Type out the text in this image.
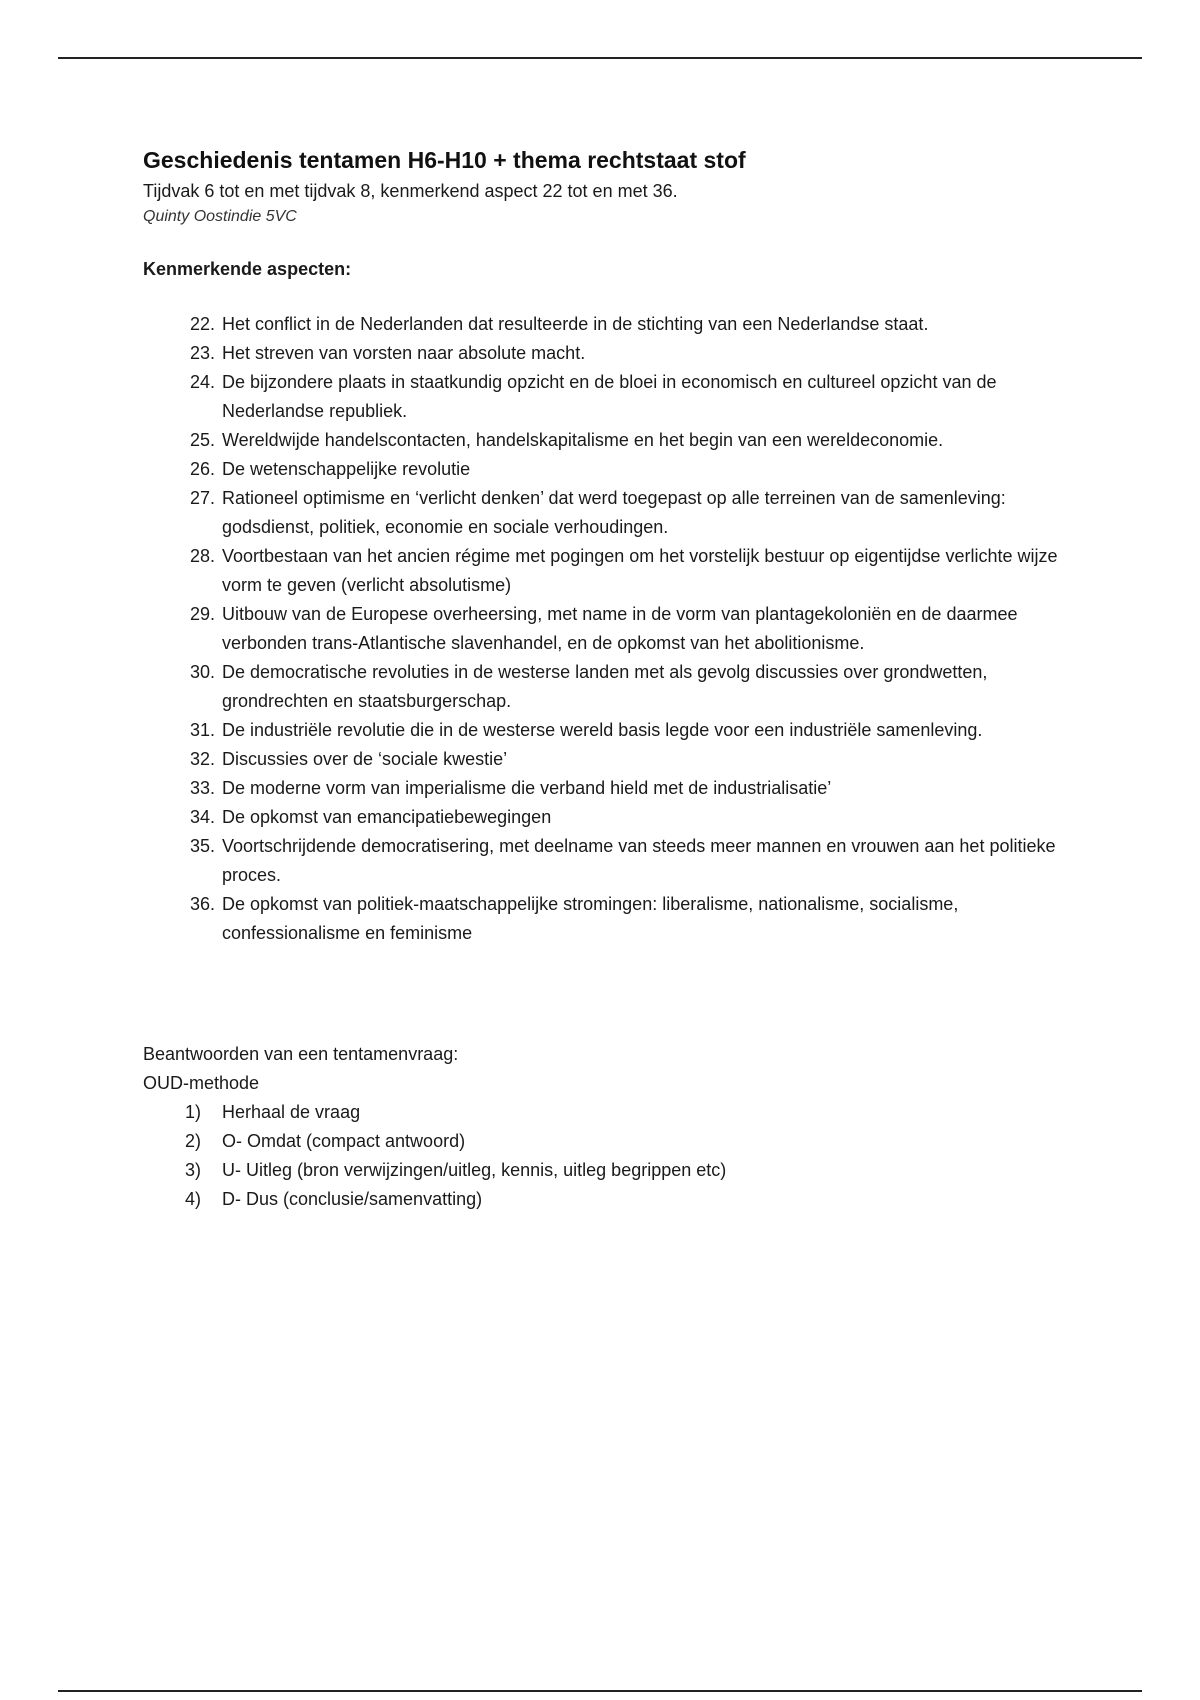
Geschiedenis tentamen H6-H10 + thema rechtstaat stof
Tijdvak 6 tot en met tijdvak 8, kenmerkend aspect 22 tot en met 36.
Quinty Oostindie 5VC
Kenmerkende aspecten:
22. Het conflict in de Nederlanden dat resulteerde in de stichting van een Nederlandse staat.
23. Het streven van vorsten naar absolute macht.
24. De bijzondere plaats in staatkundig opzicht en de bloei in economisch en cultureel opzicht van de Nederlandse republiek.
25. Wereldwijde handelscontacten, handelskapitalisme en het begin van een wereldeconomie.
26. De wetenschappelijke revolutie
27. Rationeel optimisme en ‘verlicht denken’ dat werd toegepast op alle terreinen van de samenleving: godsdienst, politiek, economie en sociale verhoudingen.
28. Voortbestaan van het ancien régime met pogingen om het vorstelijk bestuur op eigentijdse verlichte wijze vorm te geven (verlicht absolutisme)
29. Uitbouw van de Europese overheersing, met name in de vorm van plantagekoloniën en de daarmee verbonden trans-Atlantische slavenhandel, en de opkomst van het abolitionisme.
30. De democratische revoluties in de westerse landen met als gevolg discussies over grondwetten, grondrechten en staatsburgerschap.
31. De industriële revolutie die in de westerse wereld basis legde voor een industriële samenleving.
32. Discussies over de ‘sociale kwestie’
33. De moderne vorm van imperialisme die verband hield met de industrialisatie’
34. De opkomst van emancipatiebewegingen
35. Voortschrijdende democratisering, met deelname van steeds meer mannen en vrouwen aan het politieke proces.
36. De opkomst van politiek-maatschappelijke stromingen: liberalisme, nationalisme, socialisme, confessionalisme en feminisme
Beantwoorden van een tentamenvraag:
OUD-methode
1)	Herhaal de vraag
2)	O- Omdat (compact antwoord)
3)	U- Uitleg (bron verwijzingen/uitleg, kennis, uitleg begrippen etc)
4)	D- Dus (conclusie/samenvatting)
